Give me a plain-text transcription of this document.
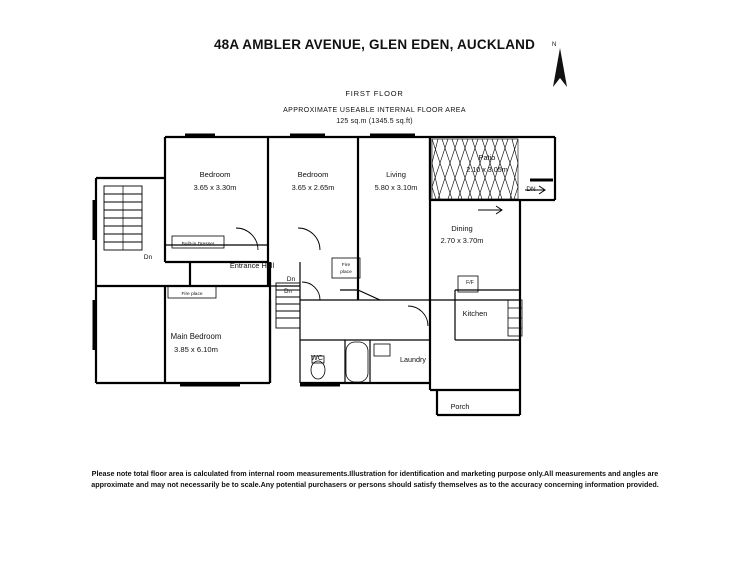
48A AMBLER AVENUE, GLEN EDEN, AUCKLAND
FIRST FLOOR
APPROXIMATE USEABLE INTERNAL FLOOR AREA
125 sq.m (1345.5 sq.ft)
N
Bedroom
3.65 x 3.30m
Bedroom
3.65 x 2.65m
Living
5.80 x 3.10m
Patio
2.10 x 3.05m
Dining
2.70 x 3.70m
Main Bedroom
3.85 x 6.10m
Kitchen
Entrance Hall
WC	Laundry
Porch
Built-in Dresser
Fire place
Fire
place
F/F
Dn
Dn
Dn
DN
Please note total floor area is calculated from internal room measurements.Illustration for identification and marketing purpose only.All measurements and angles are approximate and may not necessarily be to scale.Any potential purchasers or persons should satisfy themselves as to the accuracy concerning information provided.
